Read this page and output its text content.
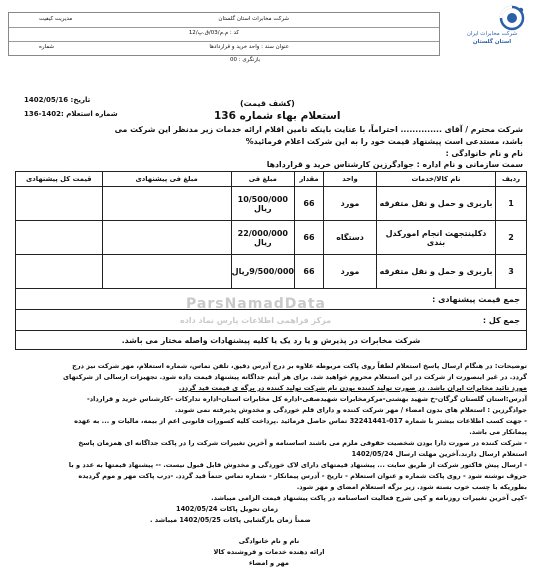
شرکت مخابرات ایران
استان گلستان
شرکت مخابرات استان گلستان
مدیریت کیفیت
کد : م.م/03/ق.پ/12
عنوان سند : واحد خرید و قراردادها
شماره
بازنگری : 00
تاریخ: 1402/05/16
شماره استعلام :1402-136
(کشف قیمت)
استعلام بهاء شماره 136
شرکت محترم / آقای .............. احتراماً، با عنایت باینکه تامین اقلام ارائه خدمات زیر مدنظر این شرکت می
باشد، مستدعی است پیشنهاد قیمت خود را به این شرکت اعلام فرمائید%
نام و نام خانوادگی :
سمت سازمانی و نام اداره : جوادگرزین کارشناس خرید و قراردادها
ردیف	نام کالا/خدمات	واحد	مقدار	مبلغ فی	مبلغ فی پیشنهادی	قیمت کل پیشنهادی
1	باربری و حمل و نقل متفرقه	مورد	66	10/500/000 ریال		
2	دکلینتجهت انجام امورکدل بندی	دستگاه	66	22/000/000 ریال		
3	باربری و حمل و نقل متفرقه	مورد	66	9/500/000ریال		
جمع قیمت پیشنهادی :						
جمع کل :						
شرکت مخابرات در پذیرش و یا رد یک یا کلیه پیشنهادات واصله مختار می باشد.						
ParsNamadData
مرکز فراهمی اطلاعات پارس نماد داده
توضیحات: در هنگام ارسال پاسخ استعلام لطفاً روی پاکت مربوطه علاوه بر درج آدرس دقیق، تلفن تماس، شماره استعلام، مهر شرکت نیز درج
گردد. در غیر اینصورت از شرکت در این استعلام محروم خواهید شد. برای هر آیتم جداگانه پیشنهاد قیمت داده شود. تجهیزات ارسالی از شرکتهای
مورد تائید مخابرات ایران باشد. در صورت تولید کننده بودن نام شرکت تولید کننده در برگه ی قیمت قید گردد.
آدرس:استان گلستان گرگان-خ شهید بهشتی-مرکزمخابرات شهیدصفی-اداره کل مخابرات استان-اداره تدارکات -کارشناس خرید و قرارداد-
جوادگرزین : استعلام های بدون امضاء / مهر شرکت کننده و دارای قلم خوردگی و مخدوش پذیرفته نمی شوند.
- جهت کسب اطلاعات بیشتر با شماره 017-32241441 تماس حاصل فرمائید .پرداخت کلیه کسورات قانونی اعم از بیمه، مالیات و ... به عهده
پیمانکار می باشد.
- شرکت کننده در صورت دارا بودن شخصیت حقوقی ملزم می باشند اساسنامه و آخرین تغییرات شرکت را در پاکت جداگانه ای همزمان پاسخ
استعلام ارسال دارند.آخرین مهلت ارسال 1402/05/24
- ارسال پیش فاکتور شرکت از طریق سایت ... پیشنهاد قیمتهای دارای لاک خوردگی و مخدوش قابل قبول نیست. -- پیشنهاد قیمتها به عدد و با
حروف نوشته شود - روی پاکت شماره و عنوان استعلام - تاریخ - آدرس پیمانکار - شماره تماس حتماً قید گردد. -درب پاکت مهر و موم گردیده
بطوریکه با چسب خوب بسته شود. زیر برگه استعلام امضای و مهر شود.
-کپی آخرین تغییرات روزنامه و کپی شرح فعالیت اساسنامه در پاکت پیشنهاد قیمت الزامی میباشد.
زمان تحویل پاکات 1402/05/24
ضمناً زمان بازگشایی پاکات 1402/05/25 میباشد .
نام و نام خانوادگی
ارائه دهنده خدمات و فروشنده کالا
مهر و امضاء
